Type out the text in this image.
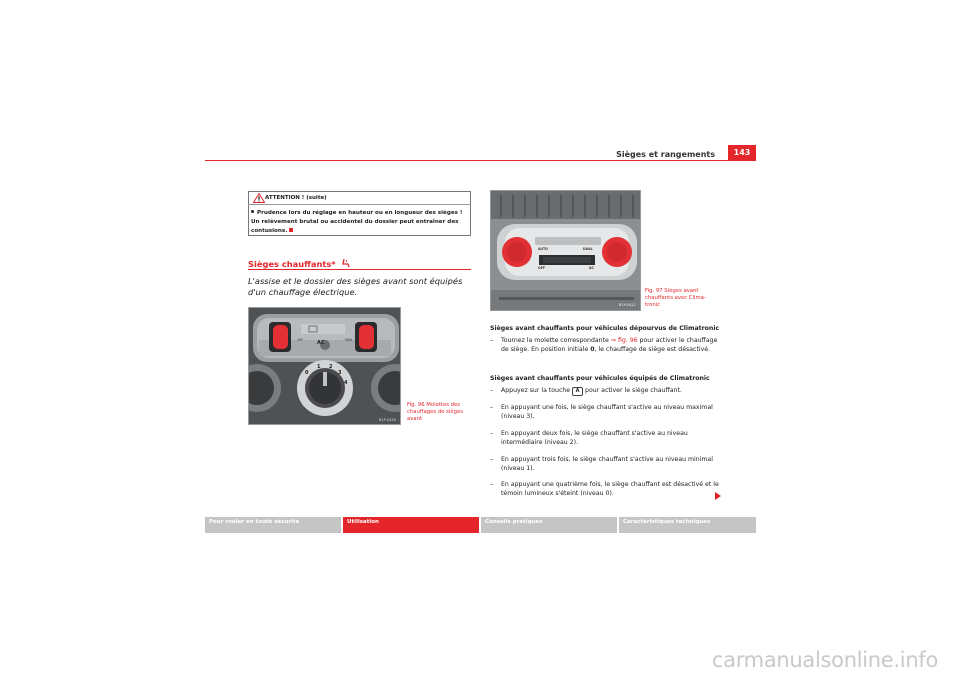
Sièges et rangements	143
ATTENTION ! (suite)
Prudence lors du réglage en hauteur ou en longueur des sièges ! Un relèvement brutal ou accidentel du dossier peut entraîner des contusions.
Sièges chauffants*
L'assise et le dossier des sièges avant sont équipés d'un chauffage électrique.
3
2
1
4
0
AC
OFF	MAX
B1P-0426
Fig. 96 Molettes des chauffages de sièges avant
AUTO	DUAL
OFF	AC
B1P-0412
Fig. 97 Sièges avant chauffants avec Clima-tronic
Sièges avant chauffants pour véhicules dépourvus de Climatronic
– Tournez la molette correspondante ⇒ fig. 96 pour activer le chauffage de siège. En position initiale 0, le chauffage de siège est désactivé.
Sièges avant chauffants pour véhicules équipés de Climatronic
– Appuyez sur la touche A pour activer le siège chauffant.
– En appuyant une fois, le siège chauffant s'active au niveau maximal (niveau 3).
– En appuyant deux fois, le siège chauffant s'active au niveau intermédiaire (niveau 2).
– En appuyant trois fois, le siège chauffant s'active au niveau minimal (niveau 1).
– En appuyant une quatrième fois, le siège chauffant est désactivé et le témoin lumineux s'éteint (niveau 0).
Pour rouler en toute sécurité	Utilisation	Conseils pratiques	Caractéristiques techniques
carmanualsonline.info
